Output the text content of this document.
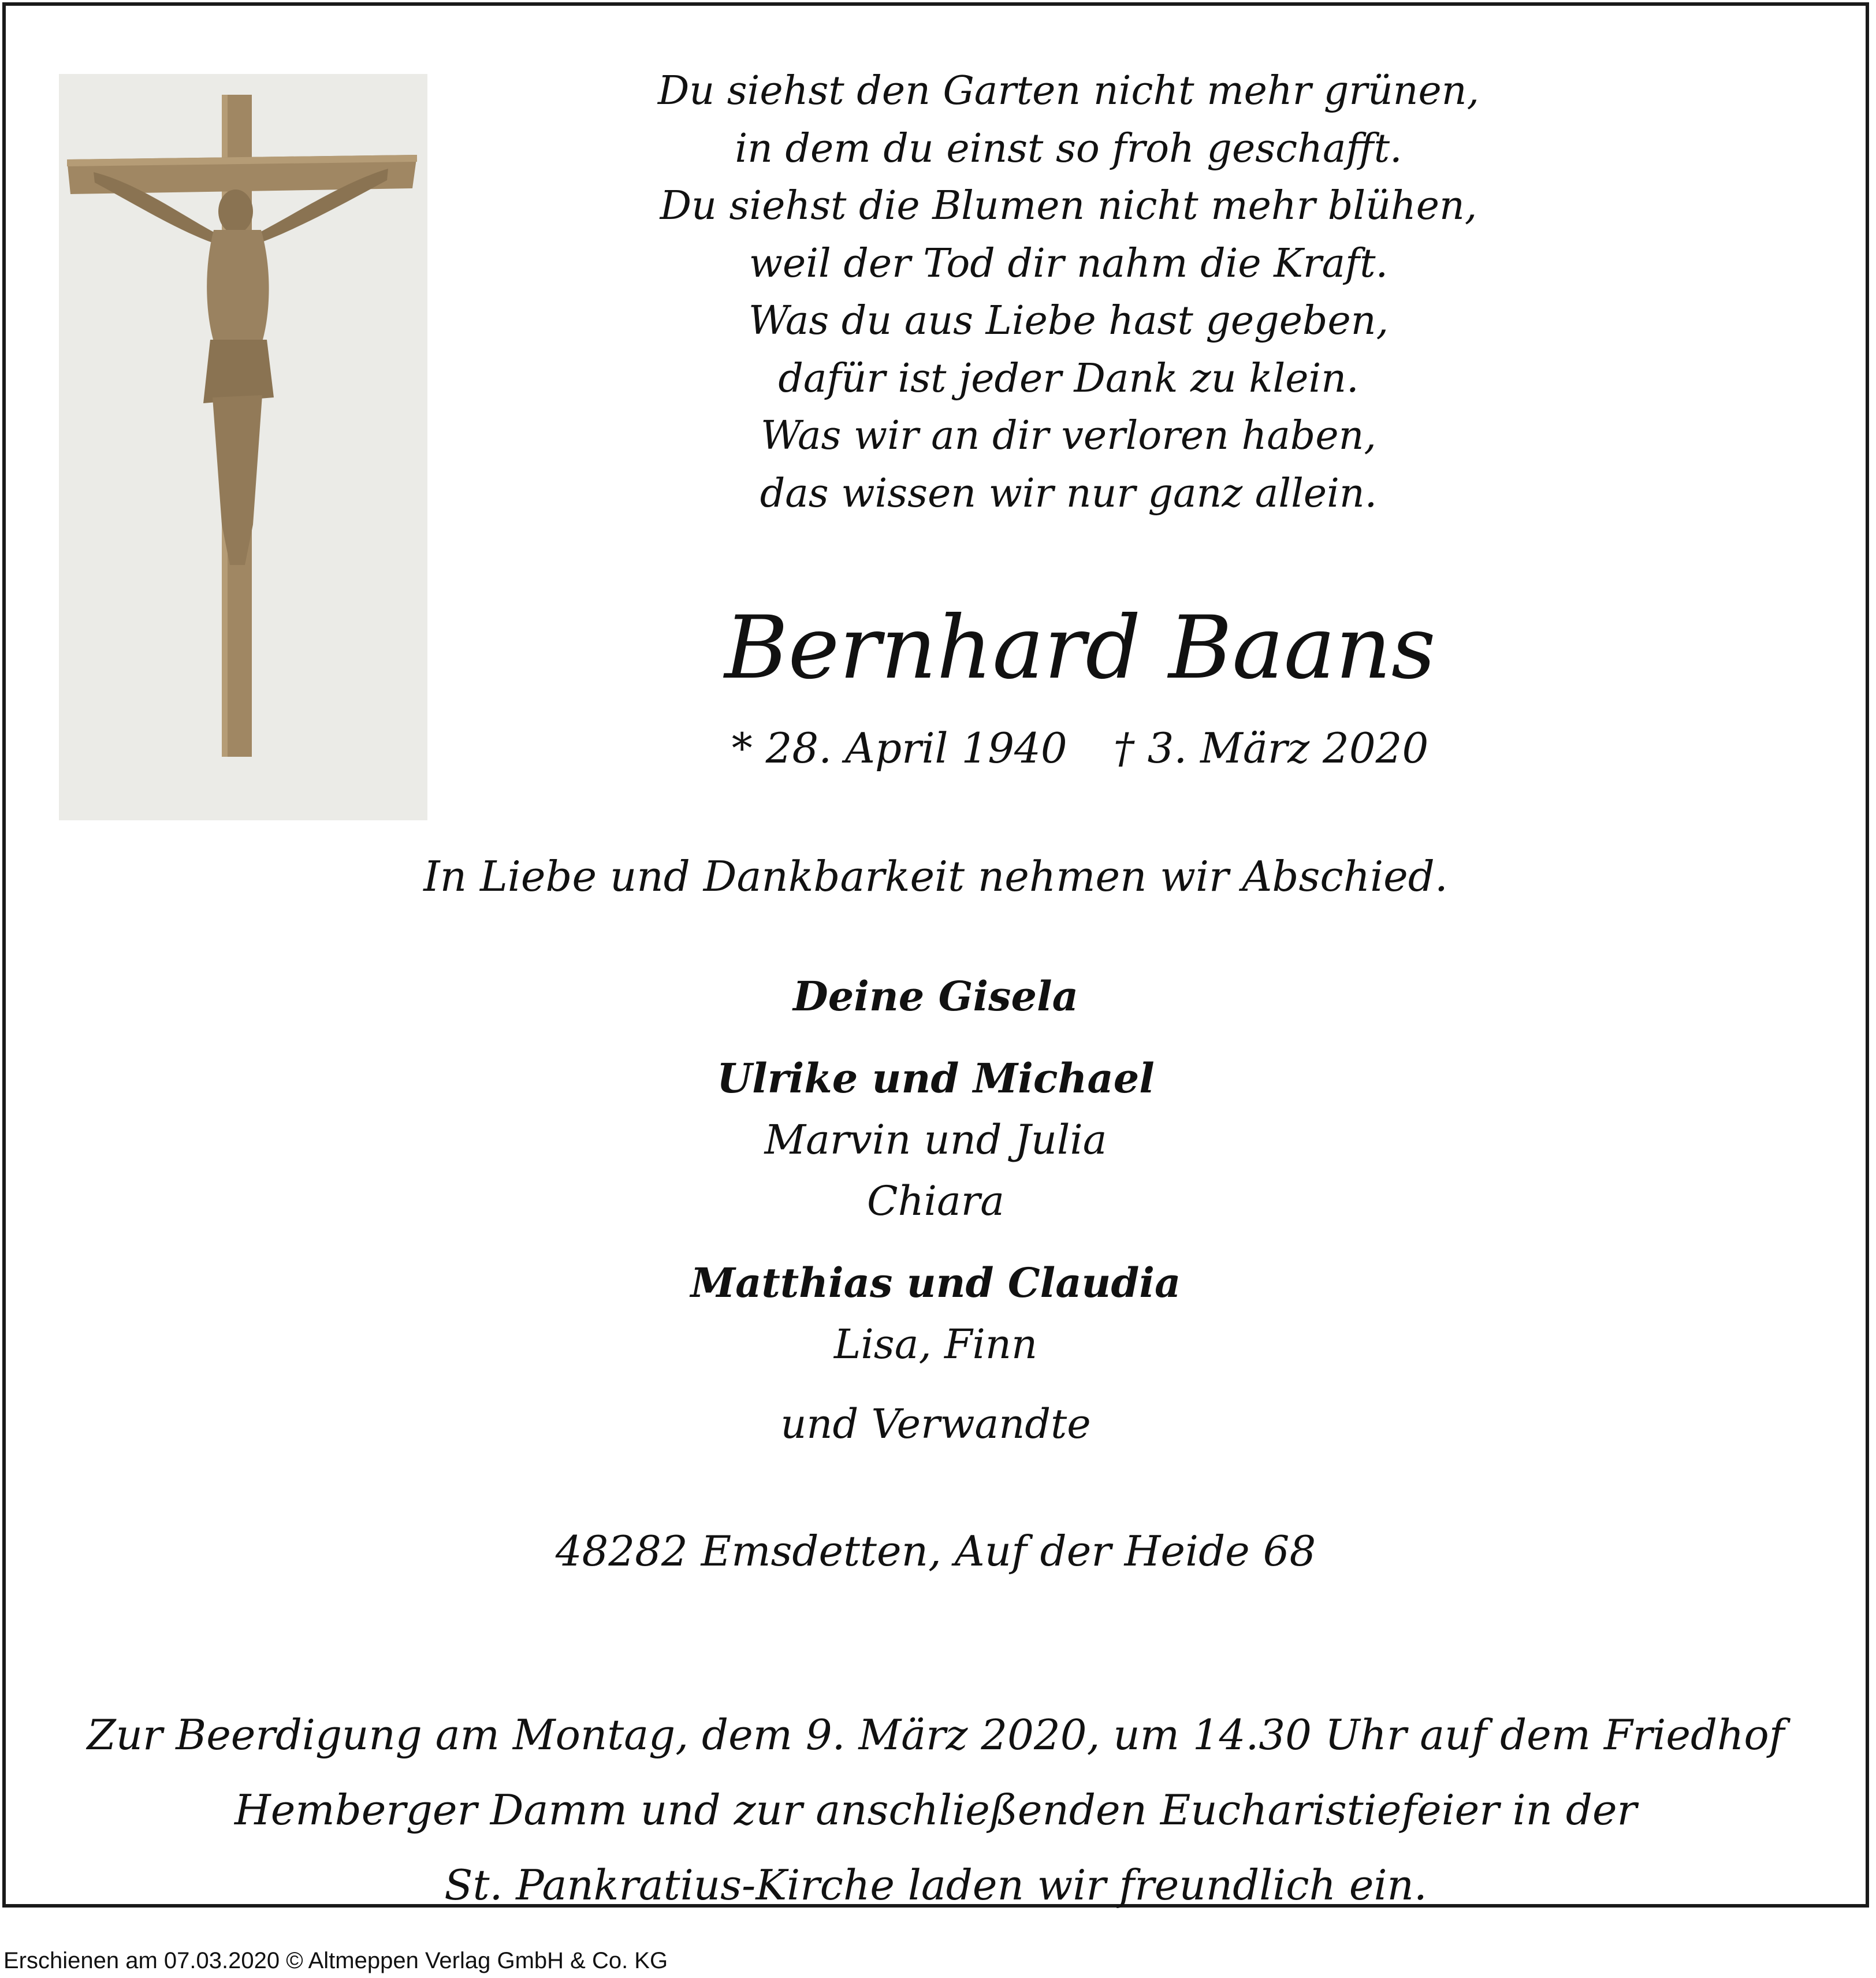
Du siehst den Garten nicht mehr grünen,
in dem du einst so froh geschafft.
Du siehst die Blumen nicht mehr blühen,
weil der Tod dir nahm die Kraft.
Was du aus Liebe hast gegeben,
dafür ist jeder Dank zu klein.
Was wir an dir verloren haben,
das wissen wir nur ganz allein.
Bernhard Baans
* 28. April 1940 † 3. März 2020
In Liebe und Dankbarkeit nehmen wir Abschied.
Deine Gisela
Ulrike und Michael
Marvin und Julia
Chiara
Matthias und Claudia
Lisa, Finn
und Verwandte
48282 Emsdetten, Auf der Heide 68
Zur Beerdigung am Montag, dem 9. März 2020, um 14.30 Uhr auf dem Friedhof
Hemberger Damm und zur anschließenden Eucharistiefeier in der
St. Pankratius-Kirche laden wir freundlich ein.
Erschienen am 07.03.2020 © Altmeppen Verlag GmbH & Co. KG
